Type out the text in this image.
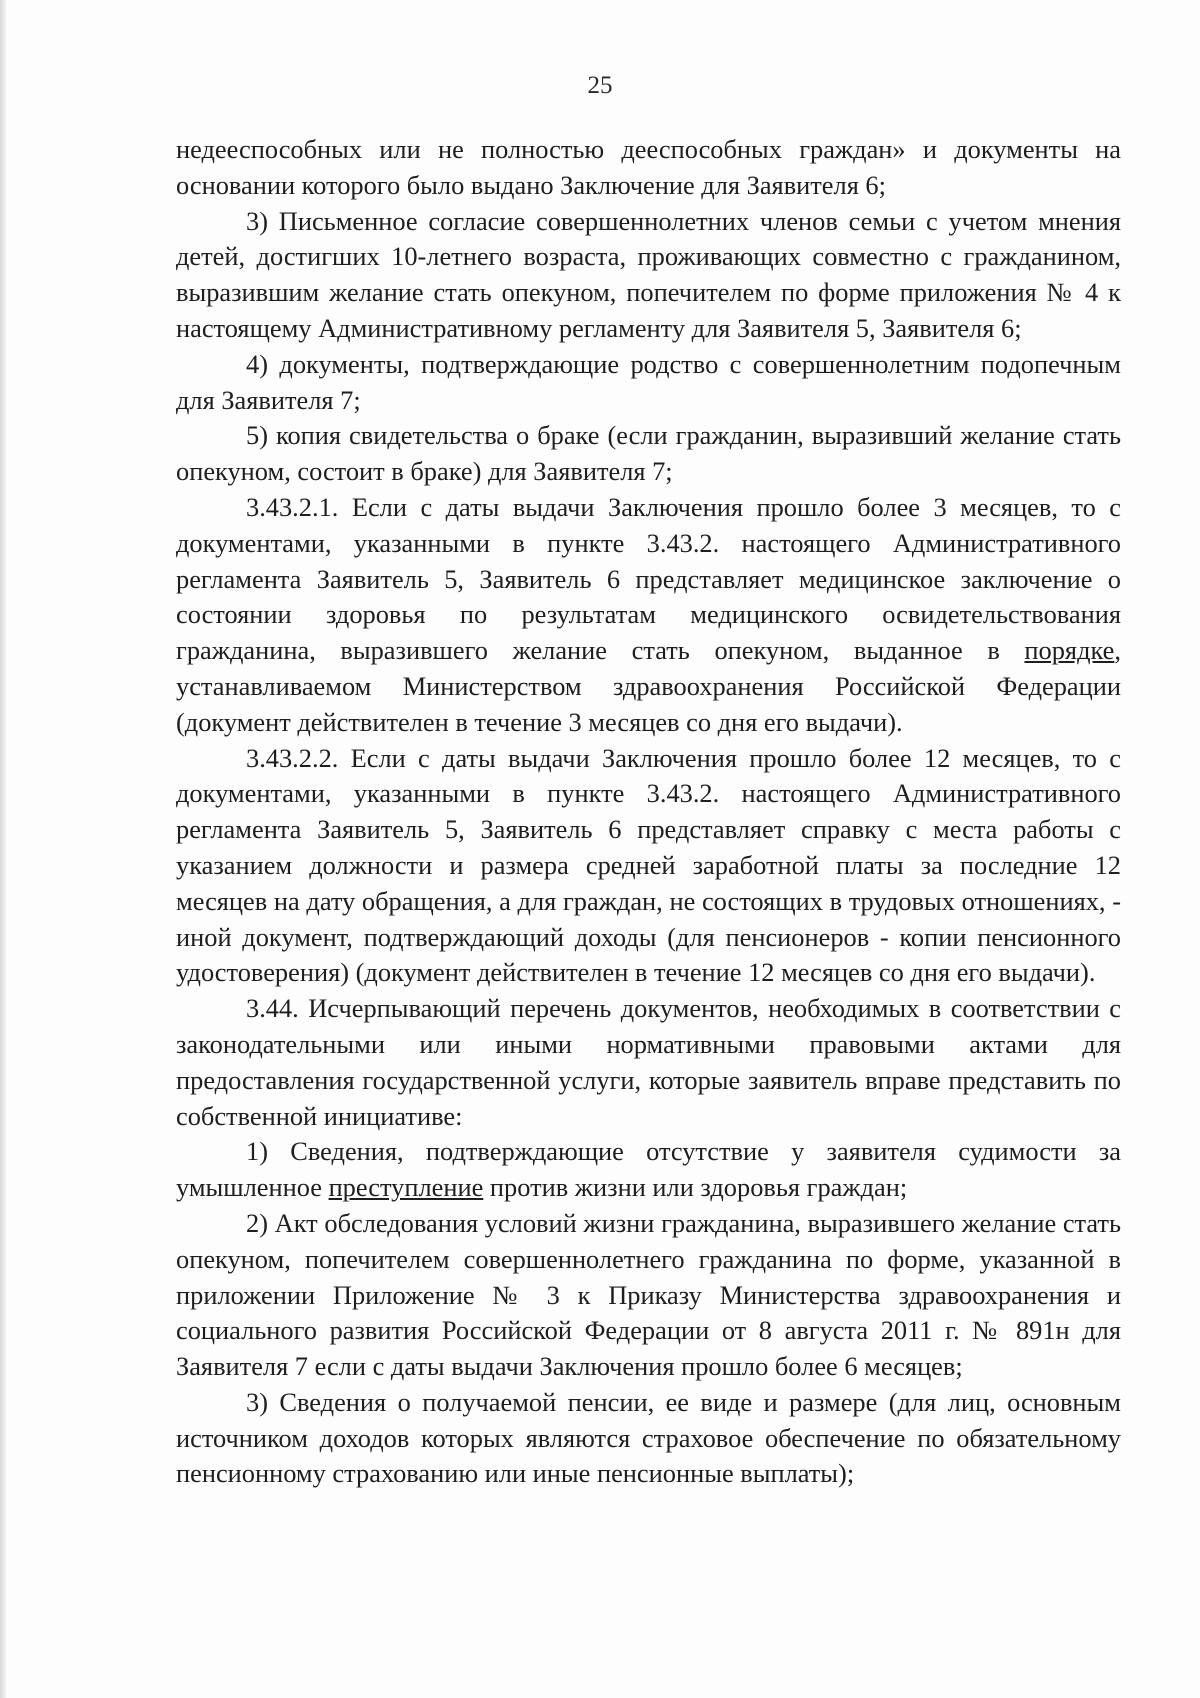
25

недееспособных или не полностью дееспособных граждан» и документы на основании которого было выдано Заключение для Заявителя 6;

3) Письменное согласие совершеннолетних членов семьи с учетом мнения детей, достигших 10-летнего возраста, проживающих совместно с гражданином, выразившим желание стать опекуном, попечителем по форме приложения № 4 к настоящему Административному регламенту для Заявителя 5, Заявителя 6;

4) документы, подтверждающие родство с совершеннолетним подопечным для Заявителя 7;

5) копия свидетельства о браке (если гражданин, выразивший желание стать опекуном, состоит в браке) для Заявителя 7;

3.43.2.1. Если с даты выдачи Заключения прошло более 3 месяцев, то с документами, указанными в пункте 3.43.2. настоящего Административного регламента Заявитель 5, Заявитель 6 представляет медицинское заключение о состоянии здоровья по результатам медицинского освидетельствования гражданина, выразившего желание стать опекуном, выданное в порядке, устанавливаемом Министерством здравоохранения Российской Федерации (документ действителен в течение 3 месяцев со дня его выдачи).

3.43.2.2. Если с даты выдачи Заключения прошло более 12 месяцев, то с документами, указанными в пункте 3.43.2. настоящего Административного регламента Заявитель 5, Заявитель 6 представляет справку с места работы с указанием должности и размера средней заработной платы за последние 12 месяцев на дату обращения, а для граждан, не состоящих в трудовых отношениях, - иной документ, подтверждающий доходы (для пенсионеров - копии пенсионного удостоверения) (документ действителен в течение 12 месяцев со дня его выдачи).

3.44. Исчерпывающий перечень документов, необходимых в соответствии с законодательными или иными нормативными правовыми актами для предоставления государственной услуги, которые заявитель вправе представить по собственной инициативе:

1) Сведения, подтверждающие отсутствие у заявителя судимости за умышленное преступление против жизни или здоровья граждан;

2) Акт обследования условий жизни гражданина, выразившего желание стать опекуном, попечителем совершеннолетнего гражданина по форме, указанной в приложении Приложение № 3 к Приказу Министерства здравоохранения и социального развития Российской Федерации от 8 августа 2011 г. № 891н для Заявителя 7 если с даты выдачи Заключения прошло более 6 месяцев;

3) Сведения о получаемой пенсии, ее виде и размере (для лиц, основным источником доходов которых являются страховое обеспечение по обязательному пенсионному страхованию или иные пенсионные выплаты);
